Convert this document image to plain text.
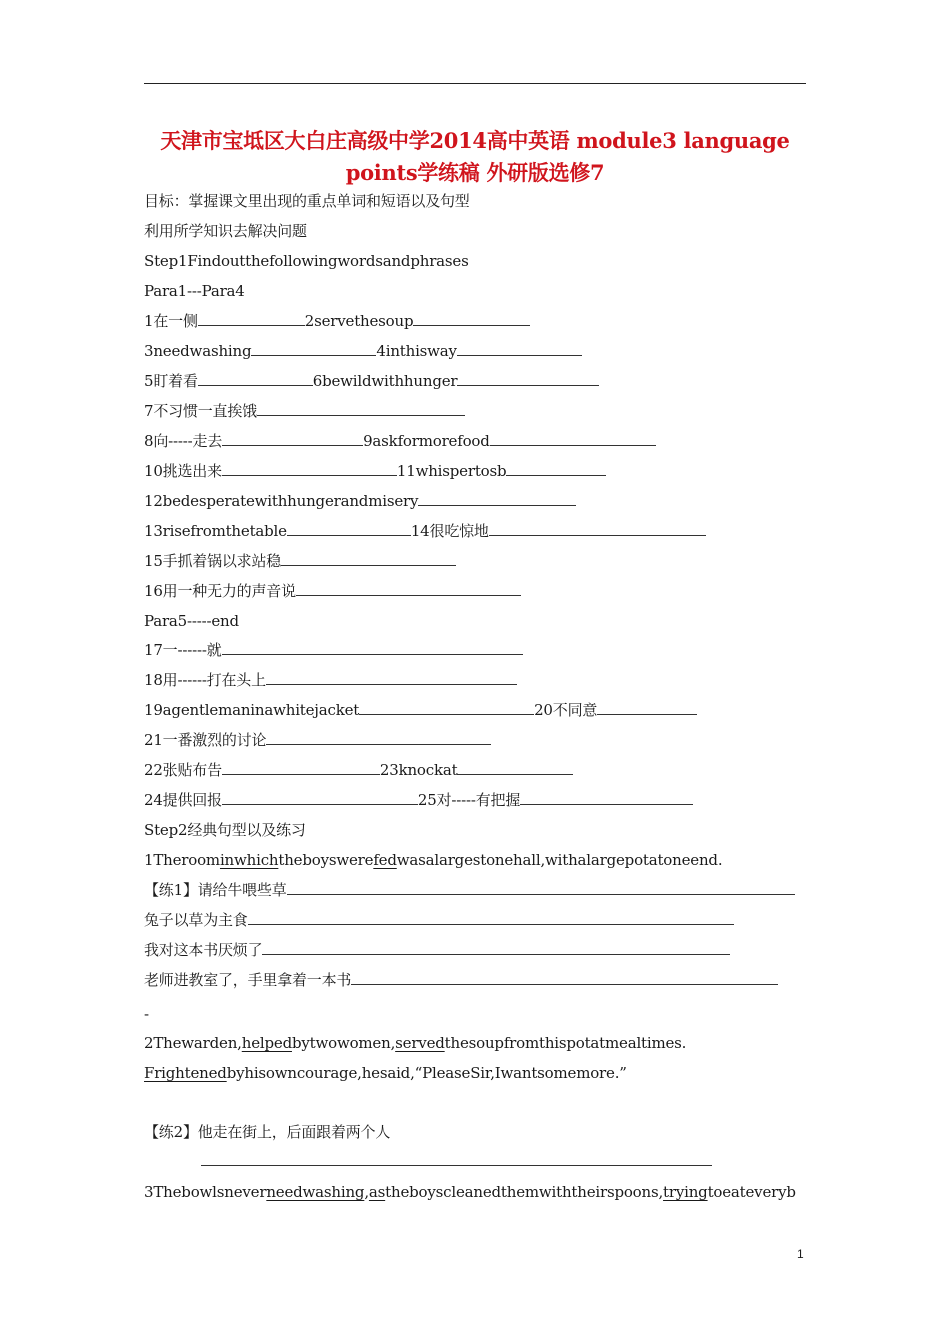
天津市宝坻区大白庄高级中学2014高中英语 module3 language
points学练稿 外研版选修7
目标：掌握课文里出现的重点单词和短语以及句型
利用所学知识去解决问题
Step1Findoutthefollowingwordsandphrases
Para1---Para4
1在一侧	2servethesoup
3needwashing	4inthisway
5盯着看	6bewildwithhunger
7不习惯一直挨饿
8向-----走去	9askformorefood
10挑选出来	11whispertosb
12bedesperatewithhungerandmisery
13risefromthetable	14很吃惊地
15手抓着锅以求站稳
16用一种无力的声音说
Para5-----end
17一------就
18用------打在头上
19agentlemaninawhitejacket	20不同意
21一番激烈的讨论
22张贴布告	23knockat
24提供回报	25对-----有把握
Step2经典句型以及练习
1Theroominwhichtheboyswerefedwasalargestonehall,withalargepotatoneend.
【练1】请给牛喂些草
兔子以草为主食
我对这本书厌烦了
老师进教室了，手里拿着一本书
-
2Thewarden,helpedbytwowomen,servedthesoupfromthispotatmealtimes.
Frightenedbyhisowncourage,hesaid,“PleaseSir,Iwantsomemore.”
【练2】他走在街上，后面跟着两个人
3Thebowlsneverneedwashing,astheboyscleanedthemwiththeirspoons,tryingtoeateveryb
1
